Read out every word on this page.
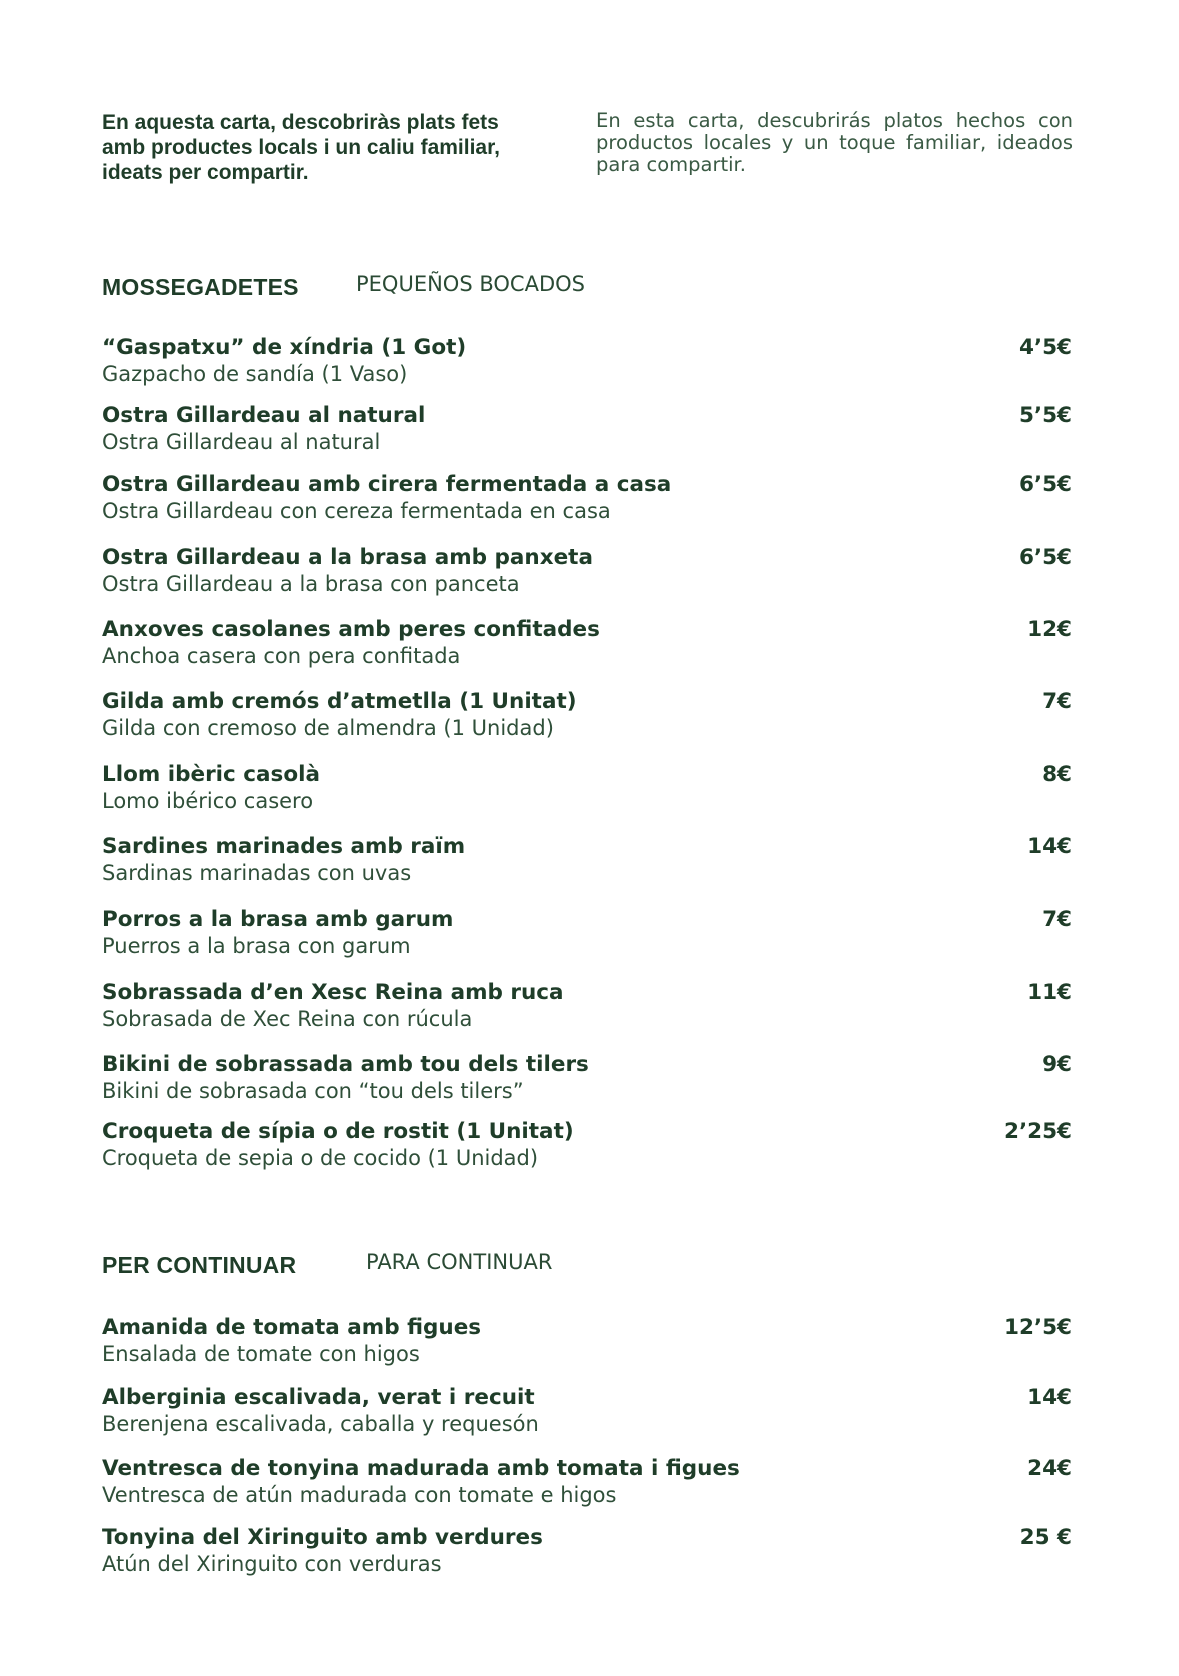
En aquesta carta, descobriràs plats fets amb productes locals i un caliu familiar, ideats per compartir.
En esta carta, descubrirás platos hechos con productos locales y un toque familiar, ideados para compartir.
MOSSEGADETES	PEQUEÑOS BOCADOS
PER CONTINUAR	PARA CONTINUAR
“Gaspatxu” de xíndria (1 Got)
Gazpacho de sandía (1 Vaso)
4’5€
Ostra Gillardeau al natural
Ostra Gillardeau al natural
5’5€
Ostra Gillardeau amb cirera fermentada a casa
Ostra Gillardeau con cereza fermentada en casa
6’5€
Ostra Gillardeau a la brasa amb panxeta
Ostra Gillardeau a la brasa con panceta
6’5€
Anxoves casolanes amb peres confitades
Anchoa casera con pera confitada
12€
Gilda amb cremós d’atmetlla (1 Unitat)
Gilda con cremoso de almendra (1 Unidad)
7€
Llom ibèric casolà
Lomo ibérico casero
8€
Sardines marinades amb raïm
Sardinas marinadas con uvas
14€
Porros a la brasa amb garum
Puerros a la brasa con garum
7€
Sobrassada d’en Xesc Reina amb ruca
Sobrasada de Xec Reina con rúcula
11€
Bikini de sobrassada amb tou dels tilers
Bikini de sobrasada con “tou dels tilers”
9€
Croqueta de sípia o de rostit (1 Unitat)
Croqueta de sepia o de cocido (1 Unidad)
2’25€
Amanida de tomata amb figues
Ensalada de tomate con higos
12’5€
Alberginia escalivada, verat i recuit
Berenjena escalivada, caballa y requesón
14€
Ventresca de tonyina madurada amb tomata i figues
Ventresca de atún madurada con tomate e higos
24€
Tonyina del Xiringuito amb verdures
Atún del Xiringuito con verduras
25 €
